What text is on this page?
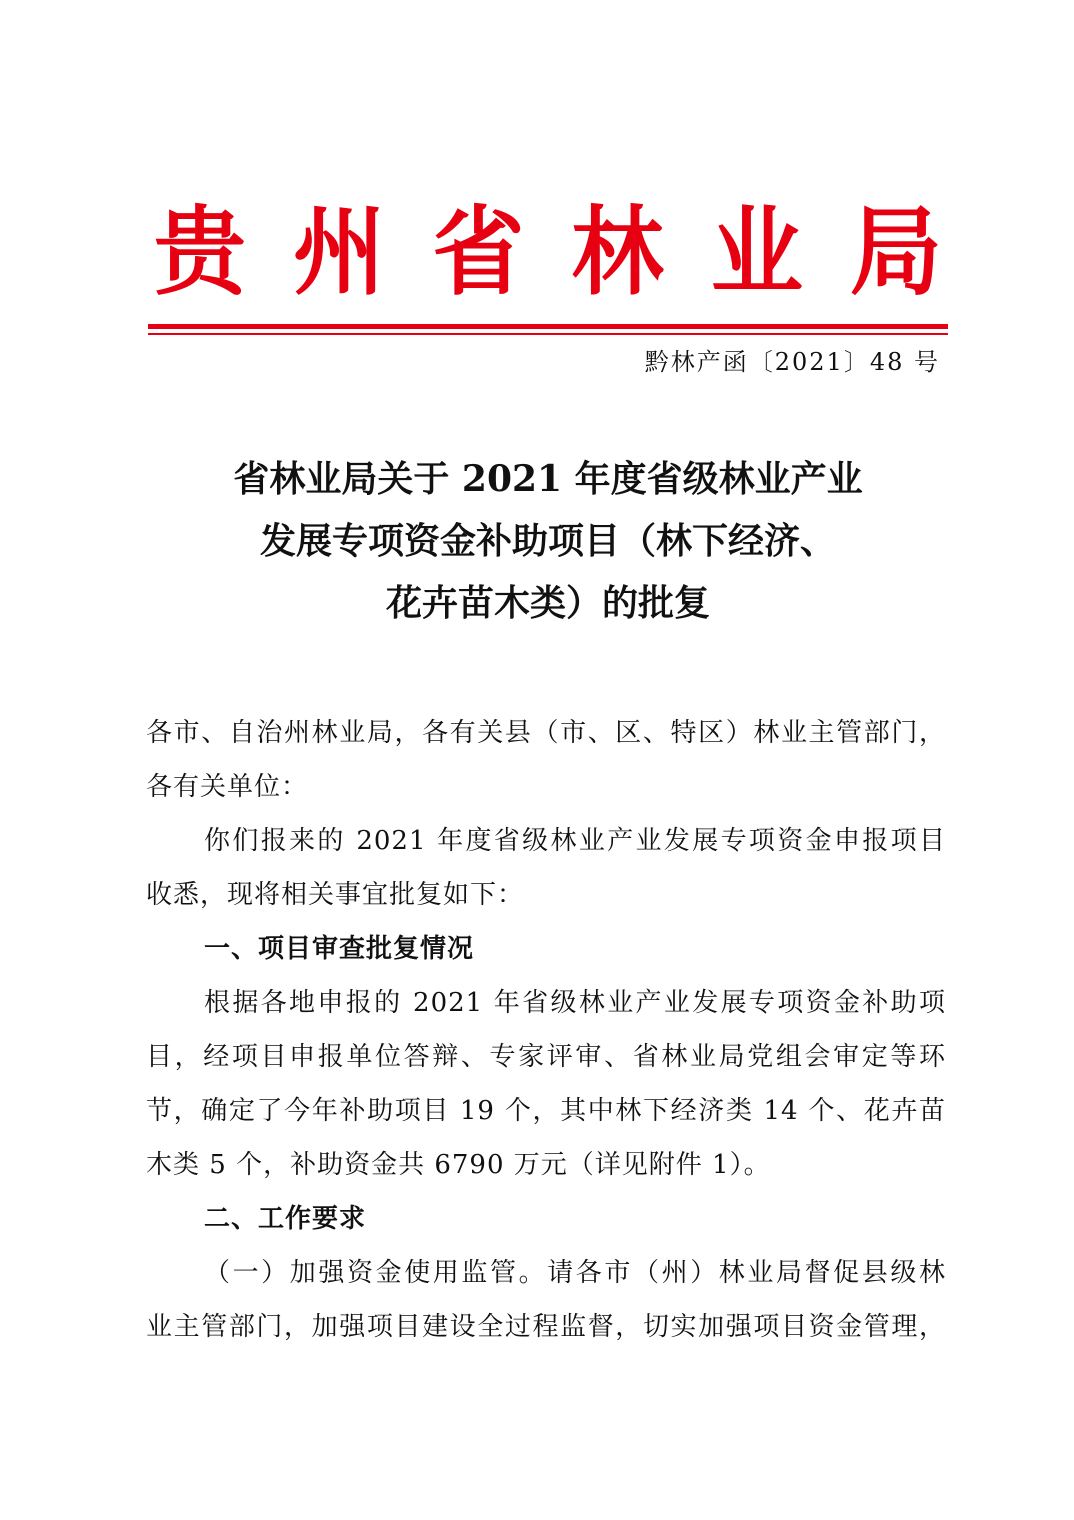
贵 州 省 林 业 局
黔林产函〔2021〕48 号
省林业局关于 2021 年度省级林业产业
发展专项资金补助项目（林下经济、
花卉苗木类）的批复
各市、自治州林业局，各有关县（市、区、特区）林业主管部门，
各有关单位：
你们报来的 2021 年度省级林业产业发展专项资金申报项目
收悉，现将相关事宜批复如下：
一、项目审查批复情况
根据各地申报的 2021 年省级林业产业发展专项资金补助项
目，经项目申报单位答辩、专家评审、省林业局党组会审定等环
节，确定了今年补助项目 19 个，其中林下经济类 14 个、花卉苗
木类 5 个，补助资金共 6790 万元（详见附件 1）。
二、工作要求
（一）加强资金使用监管。请各市（州）林业局督促县级林
业主管部门，加强项目建设全过程监督，切实加强项目资金管理，
